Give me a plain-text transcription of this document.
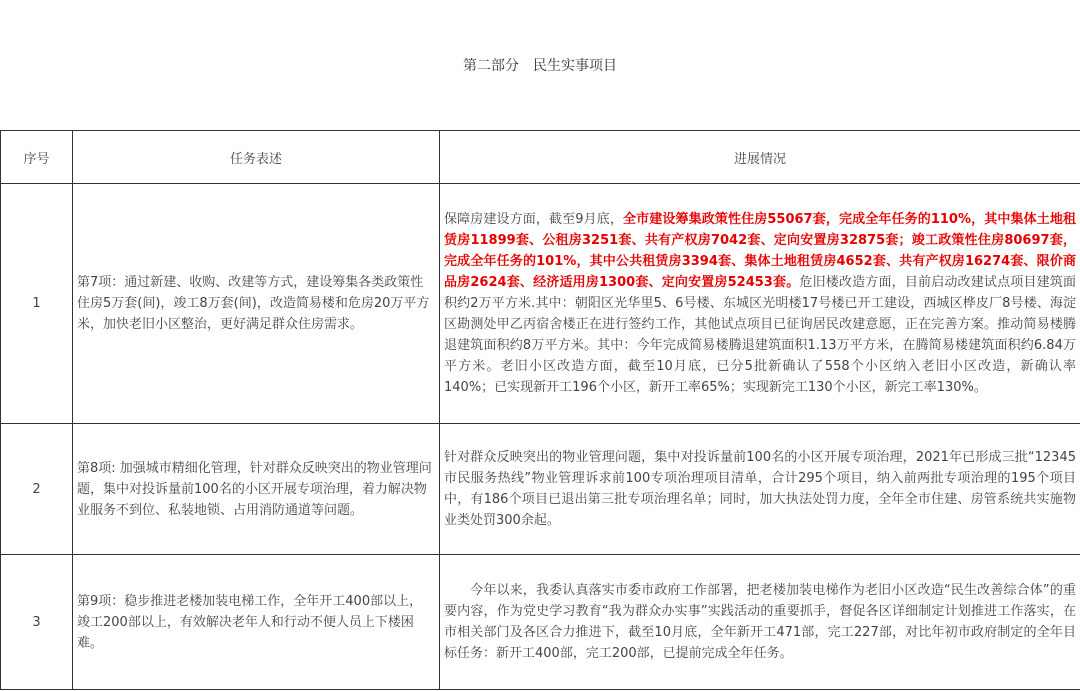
第二部分　民生实事项目
序号	任务表述	进展情况
1	第7项：通过新建、收购、改建等方式，建设筹集各类政策性住房5万套(间)，竣工8万套(间)，改造简易楼和危房20万平方米，加快老旧小区整治，更好满足群众住房需求。	保障房建设方面，截至9月底，全市建设筹集政策性住房55067套，完成全年任务的110%，其中集体土地租赁房11899套、公租房3251套、共有产权房7042套、定向安置房32875套；竣工政策性住房80697套，完成全年任务的101%，其中公共租赁房3394套、集体土地租赁房4652套、共有产权房16274套、限价商品房2624套、经济适用房1300套、定向安置房52453套。危旧楼改造方面，目前启动改建试点项目建筑面积约2万平方米.其中：朝阳区光华里5、6号楼、东城区光明楼17号楼已开工建设，西城区桦皮厂8号楼、海淀区勘测处甲乙丙宿舍楼正在进行签约工作，其他试点项目已征询居民改建意愿，正在完善方案。推动简易楼腾退建筑面积约8万平方米。其中：今年完成简易楼腾退建筑面积1.13万平方米，在腾简易楼建筑面积约6.84万平方米。老旧小区改造方面，截至10月底，已分5批新确认了558个小区纳入老旧小区改造，新确认率140%；已实现新开工196个小区，新开工率65%；实现新完工130个小区，新完工率130%。
2	第8项: 加强城市精细化管理，针对群众反映突出的物业管理问题，集中对投诉量前100名的小区开展专项治理，着力解决物业服务不到位、私装地锁、占用消防通道等问题。	针对群众反映突出的物业管理问题，集中对投诉量前100名的小区开展专项治理，2021年已形成三批“12345市民服务热线”物业管理诉求前100专项治理项目清单，合计295个项目，纳入前两批专项治理的195个项目中，有186个项目已退出第三批专项治理名单；同时，加大执法处罚力度，全年全市住建、房管系统共实施物业类处罚300余起。
3	第9项：稳步推进老楼加装电梯工作，全年开工400部以上，竣工200部以上，有效解决老年人和行动不便人员上下楼困难。	今年以来，我委认真落实市委市政府工作部署，把老楼加装电梯作为老旧小区改造“民生改善综合体”的重要内容，作为党史学习教育“我为群众办实事”实践活动的重要抓手，督促各区详细制定计划推进工作落实，在市相关部门及各区合力推进下，截至10月底，全年新开工471部，完工227部，对比年初市政府制定的全年目标任务：新开工400部，完工200部，已提前完成全年任务。
